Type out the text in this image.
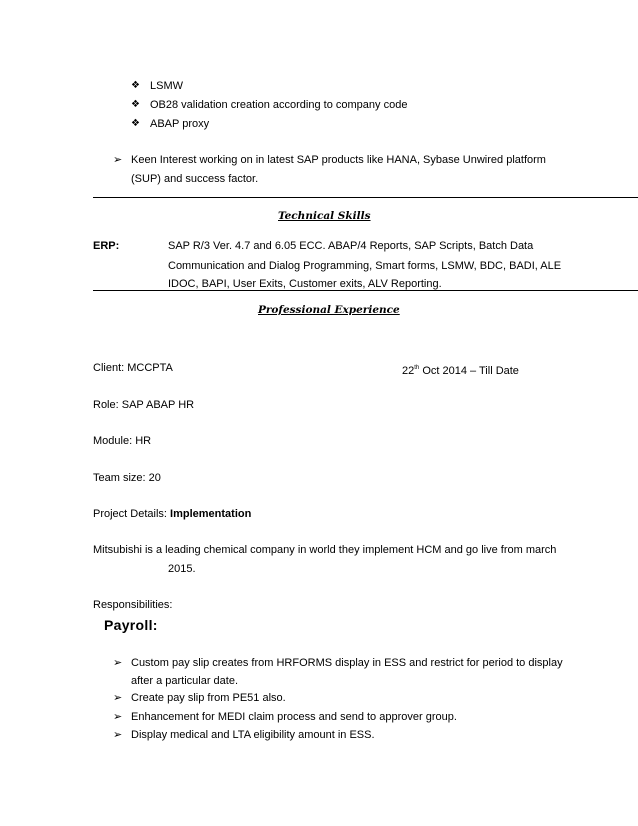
❖ LSMW
❖ OB28 validation creation according to company code
❖ ABAP proxy
➢ Keen Interest working on in latest SAP products like HANA, Sybase Unwired platform
(SUP) and success factor.
Technical Skills
ERP:	SAP R/3 Ver. 4.7 and 6.05 ECC. ABAP/4 Reports, SAP Scripts, Batch Data
Communication and Dialog Programming, Smart forms, LSMW, BDC, BADI, ALE
IDOC, BAPI, User Exits, Customer exits, ALV Reporting.
Professional Experience
Client: MCCPTA	22th Oct 2014 – Till Date
Role: SAP ABAP HR
Module: HR
Team size: 20
Project Details: Implementation
Mitsubishi is a leading chemical company in world they implement HCM and go live from march
2015.
Responsibilities:
Payroll:
➢ Custom pay slip creates from HRFORMS display in ESS and restrict for period to display
after a particular date.
➢ Create pay slip from PE51 also.
➢ Enhancement for MEDI claim process and send to approver group.
➢ Display medical and LTA eligibility amount in ESS.
